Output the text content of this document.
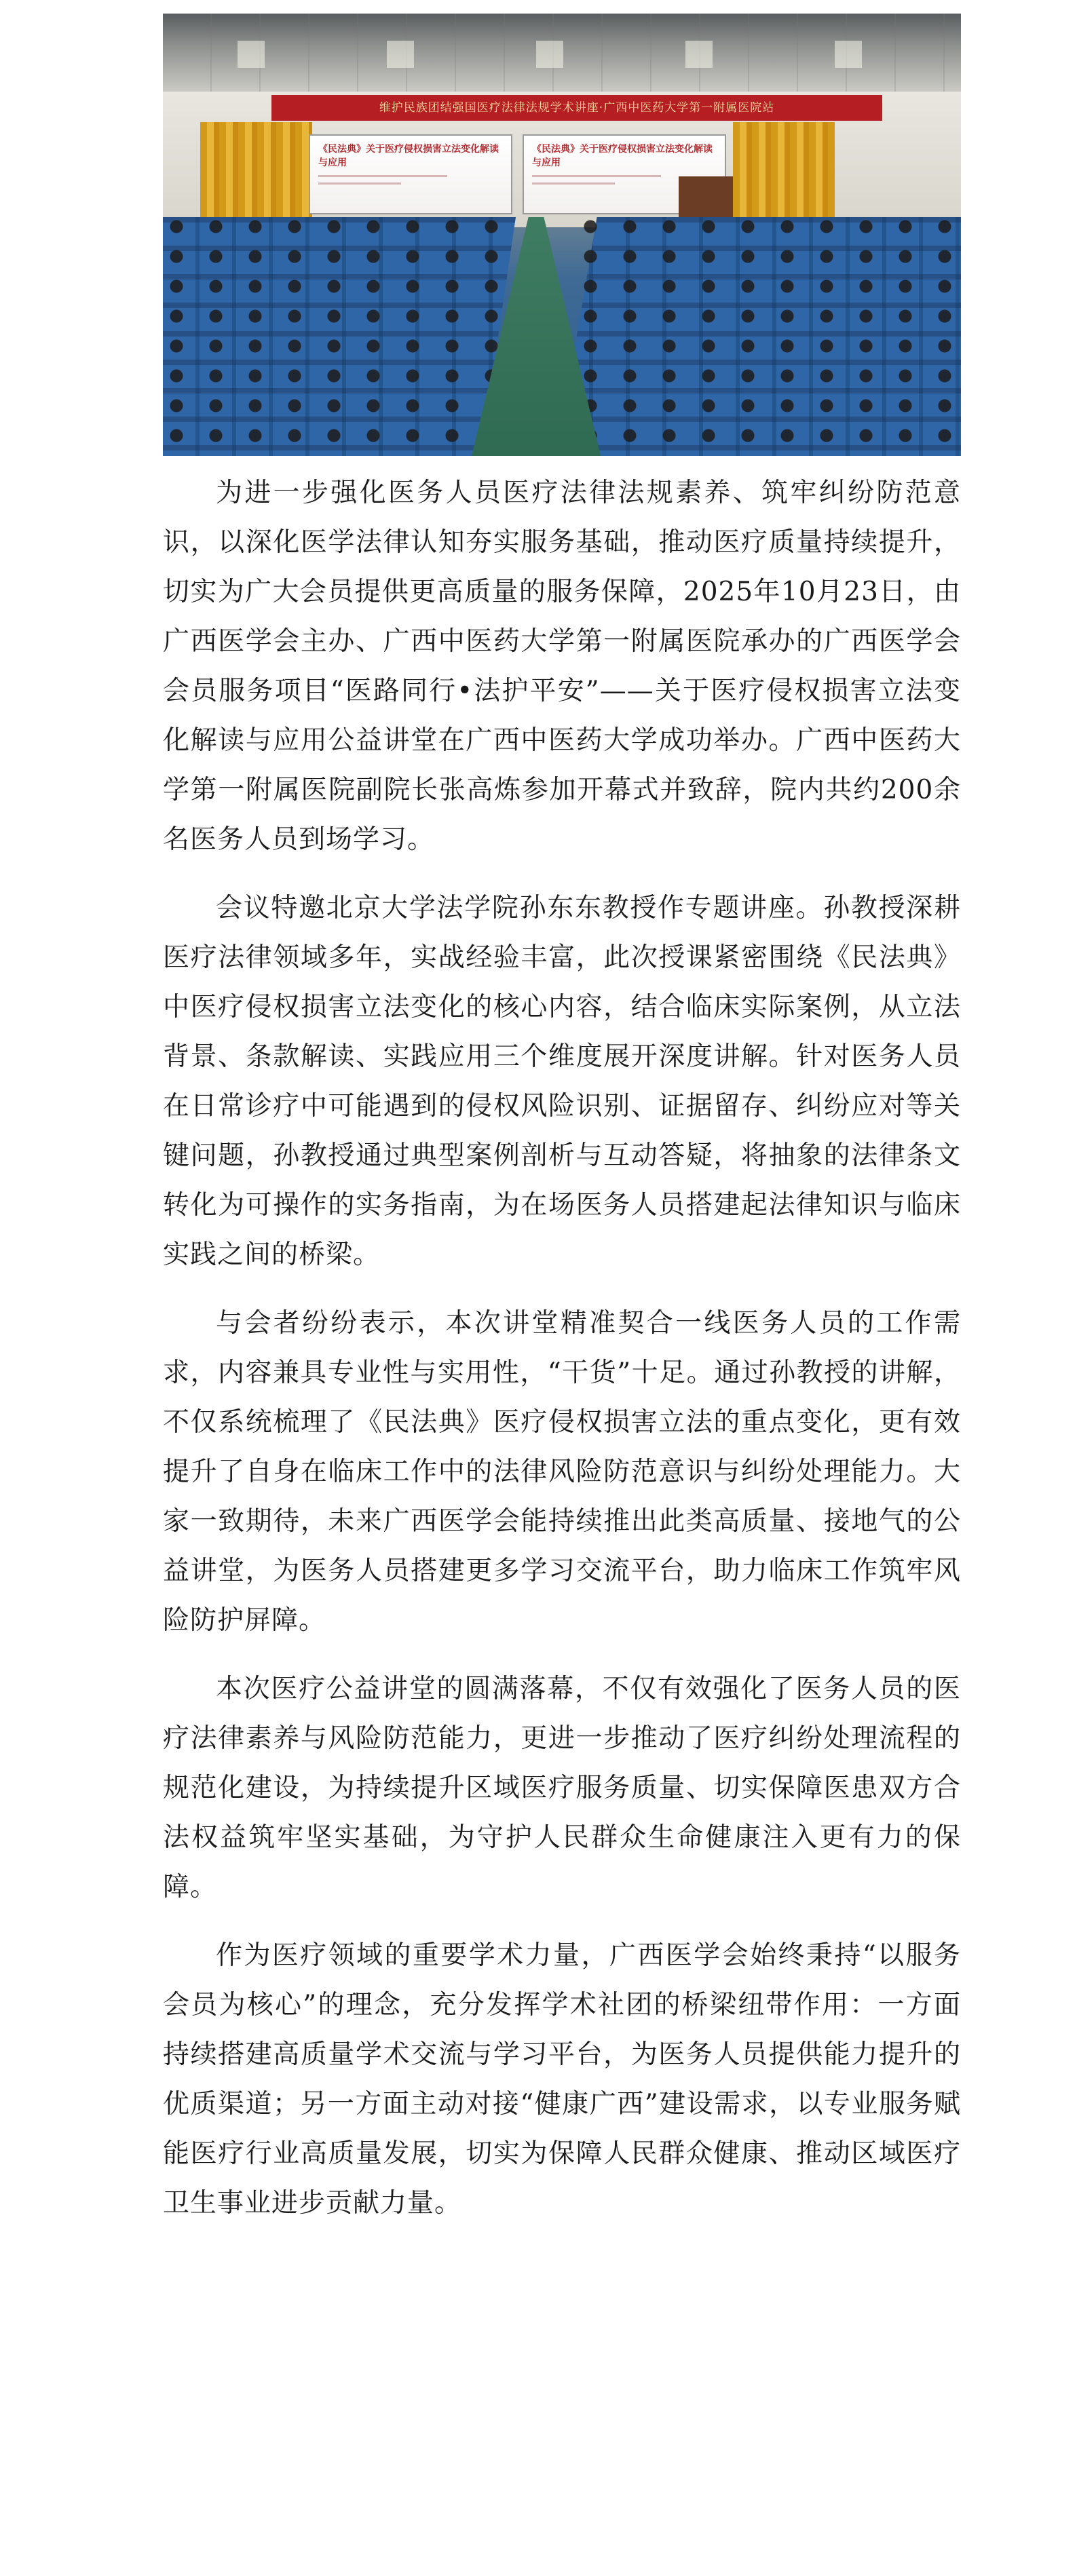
维护民族团结强国医疗法律法规学术讲座·广西中医药大学第一附属医院站
《民法典》关于医疗侵权损害立法变化解读与应用
《民法典》关于医疗侵权损害立法变化解读与应用

为进一步强化医务人员医疗法律法规素养、筑牢纠纷防范意识，以深化医学法律认知夯实服务基础，推动医疗质量持续提升，切实为广大会员提供更高质量的服务保障，2025年10月23日，由广西医学会主办、广西中医药大学第一附属医院承办的广西医学会会员服务项目“医路同行•法护平安”——关于医疗侵权损害立法变化解读与应用公益讲堂在广西中医药大学成功举办。广西中医药大学第一附属医院副院长张高炼参加开幕式并致辞，院内共约200余名医务人员到场学习。

会议特邀北京大学法学院孙东东教授作专题讲座。孙教授深耕医疗法律领域多年，实战经验丰富，此次授课紧密围绕《民法典》中医疗侵权损害立法变化的核心内容，结合临床实际案例，从立法背景、条款解读、实践应用三个维度展开深度讲解。针对医务人员在日常诊疗中可能遇到的侵权风险识别、证据留存、纠纷应对等关键问题，孙教授通过典型案例剖析与互动答疑，将抽象的法律条文转化为可操作的实务指南，为在场医务人员搭建起法律知识与临床实践之间的桥梁。

与会者纷纷表示，本次讲堂精准契合一线医务人员的工作需求，内容兼具专业性与实用性，“干货”十足。通过孙教授的讲解，不仅系统梳理了《民法典》医疗侵权损害立法的重点变化，更有效提升了自身在临床工作中的法律风险防范意识与纠纷处理能力。大家一致期待，未来广西医学会能持续推出此类高质量、接地气的公益讲堂，为医务人员搭建更多学习交流平台，助力临床工作筑牢风险防护屏障。

本次医疗公益讲堂的圆满落幕，不仅有效强化了医务人员的医疗法律素养与风险防范能力，更进一步推动了医疗纠纷处理流程的规范化建设，为持续提升区域医疗服务质量、切实保障医患双方合法权益筑牢坚实基础，为守护人民群众生命健康注入更有力的保障。

作为医疗领域的重要学术力量，广西医学会始终秉持“以服务会员为核心”的理念，充分发挥学术社团的桥梁纽带作用：一方面持续搭建高质量学术交流与学习平台，为医务人员提供能力提升的优质渠道；另一方面主动对接“健康广西”建设需求，以专业服务赋能医疗行业高质量发展，切实为保障人民群众健康、推动区域医疗卫生事业进步贡献力量。
